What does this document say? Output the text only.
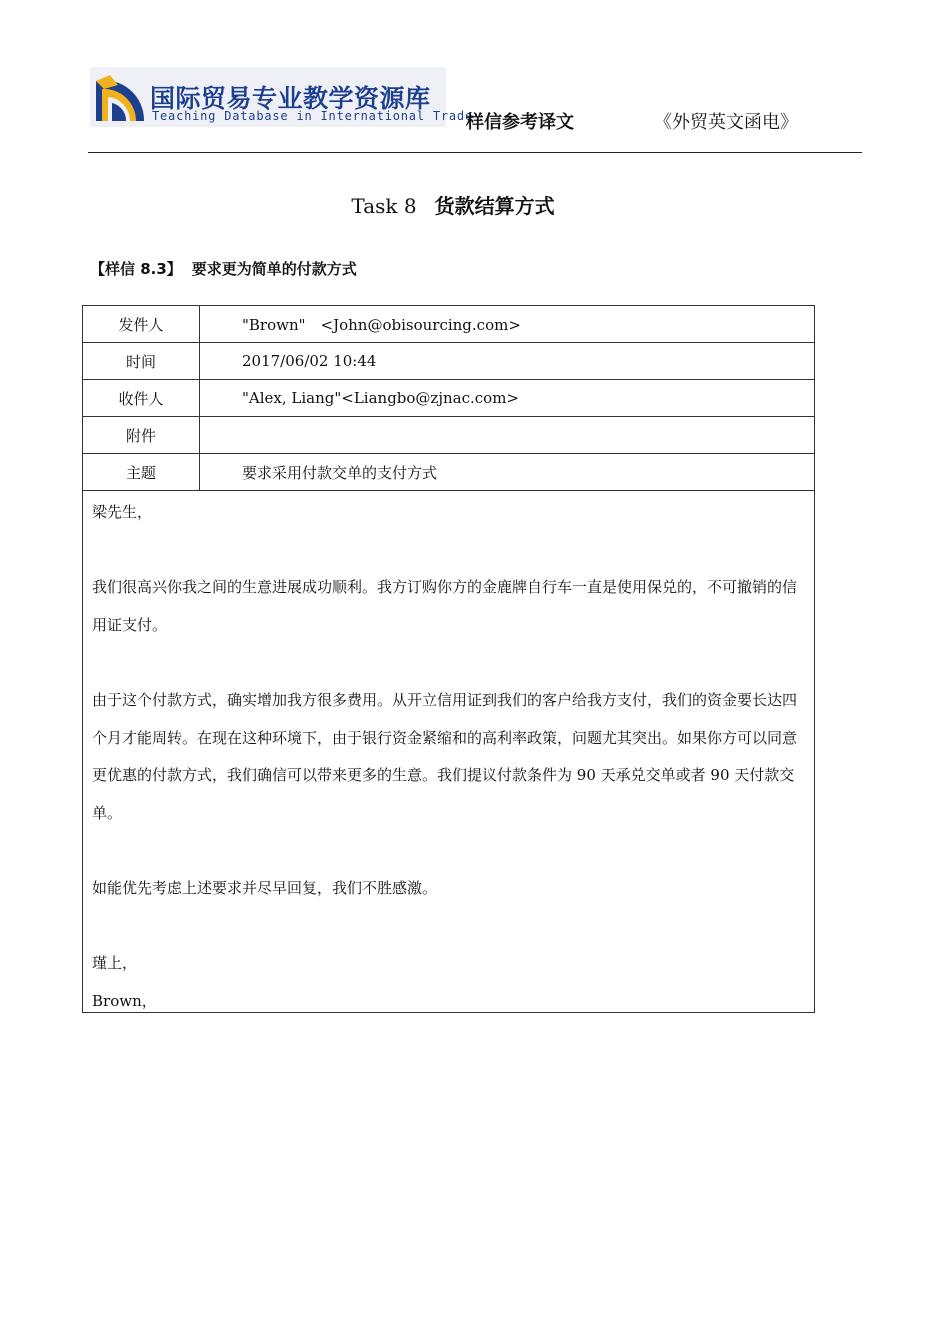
国际贸易专业教学资源库
Teaching Database in International Trade
样信参考译文	《外贸英文函电》
Task 8 货款结算方式
【样信 8.3】 要求更为简单的付款方式
发件人	"Brown"　<John@obisourcing.com>
时间	2017/06/02 10:44
收件人	"Alex, Liang"<Liangbo@zjnac.com>
附件	
主题	要求采用付款交单的支付方式

梁先生，

我们很高兴你我之间的生意进展成功顺利。我方订购你方的金鹿牌自行车一直是使用保兑的，不可撤销的信用证支付。

由于这个付款方式，确实增加我方很多费用。从开立信用证到我们的客户给我方支付，我们的资金要长达四个月才能周转。在现在这种环境下，由于银行资金紧缩和的高利率政策，问题尤其突出。如果你方可以同意更优惠的付款方式，我们确信可以带来更多的生意。我们提议付款条件为 90 天承兑交单或者 90 天付款交单。

如能优先考虑上述要求并尽早回复，我们不胜感激。

瑾上，

Brown，
